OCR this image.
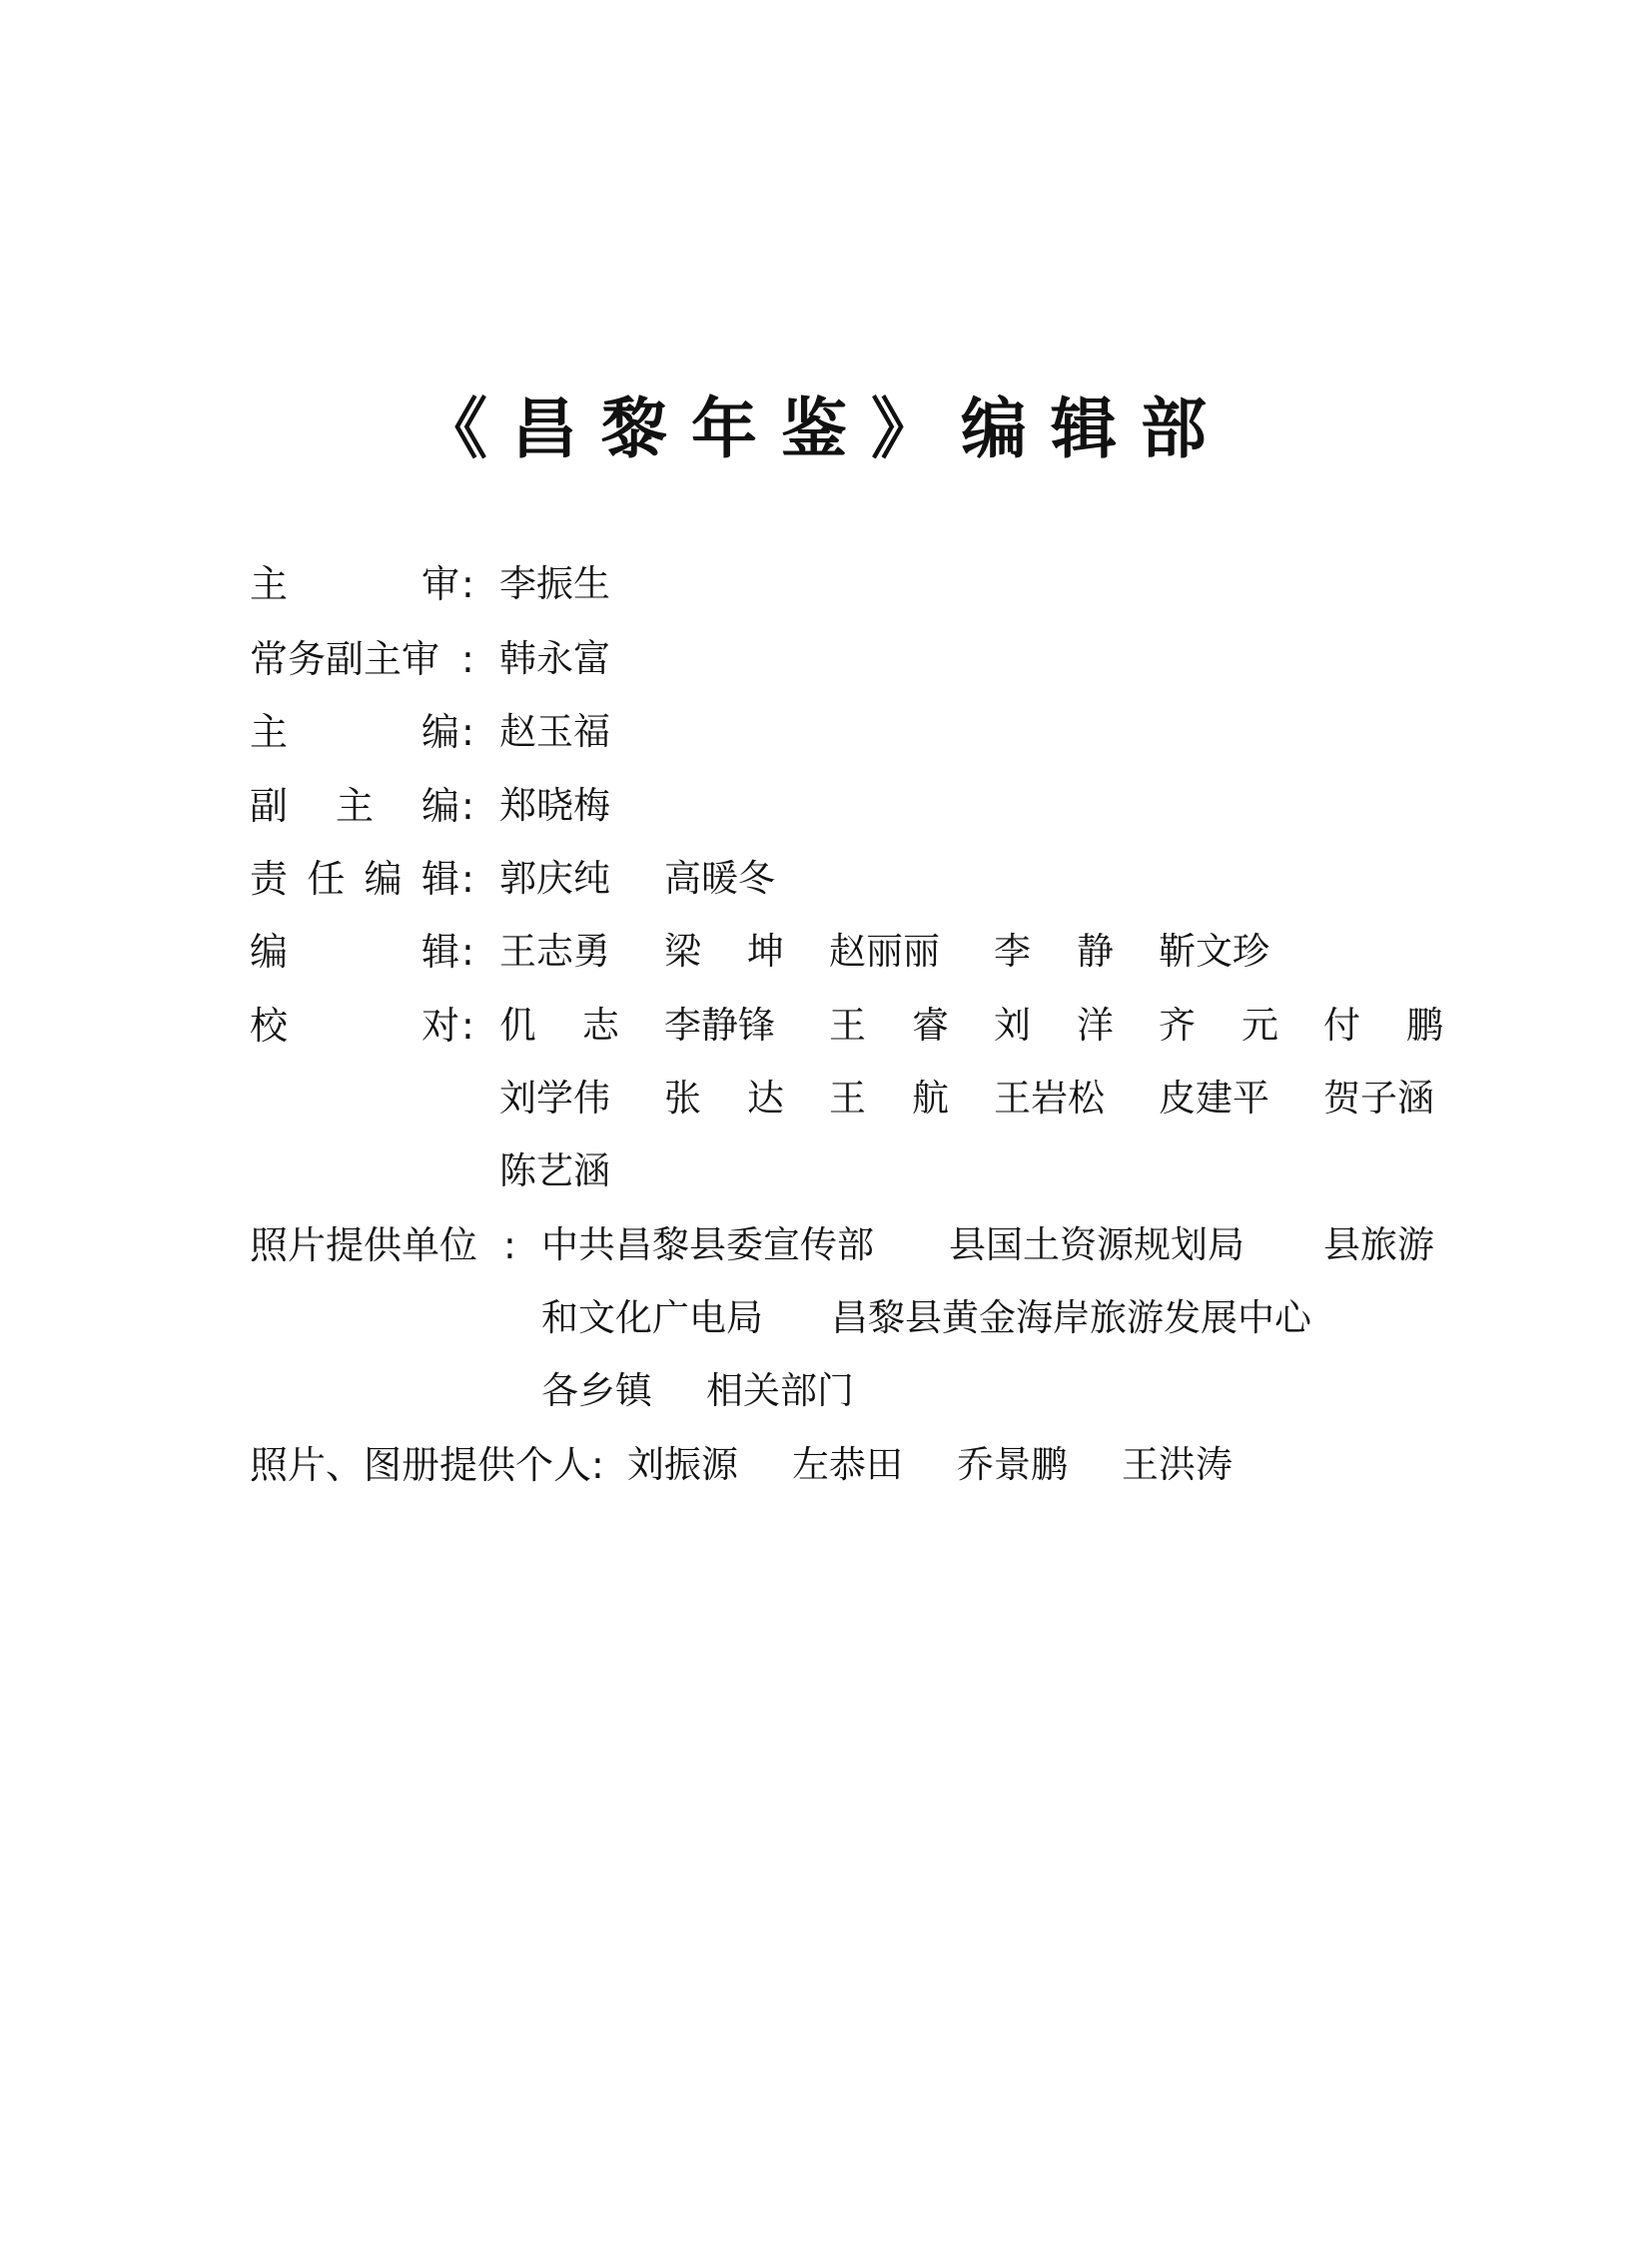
《昌黎年鉴》编辑部
主	审 : 李振生
常务副主审 : 韩永富
主	编 : 赵玉福
副 主 编 : 郑晓梅
责 任 编 辑 : 郭庆纯 高暖冬
编	辑 : 王志勇 梁 坤 赵丽丽 李 静 靳文珍
校	对 : 仉 志 李静锋 王 睿 刘 洋 齐 元 付 鹏
刘学伟 张 达 王 航 王岩松 皮建平 贺子涵
陈艺涵
照片提供单位 : 中共昌黎县委宣传部 县国土资源规划局 县旅游
和文化广电局 昌黎县黄金海岸旅游发展中心
各乡镇 相关部门
照片、图册提供个人 : 刘振源 左恭田 乔景鹏 王洪涛
